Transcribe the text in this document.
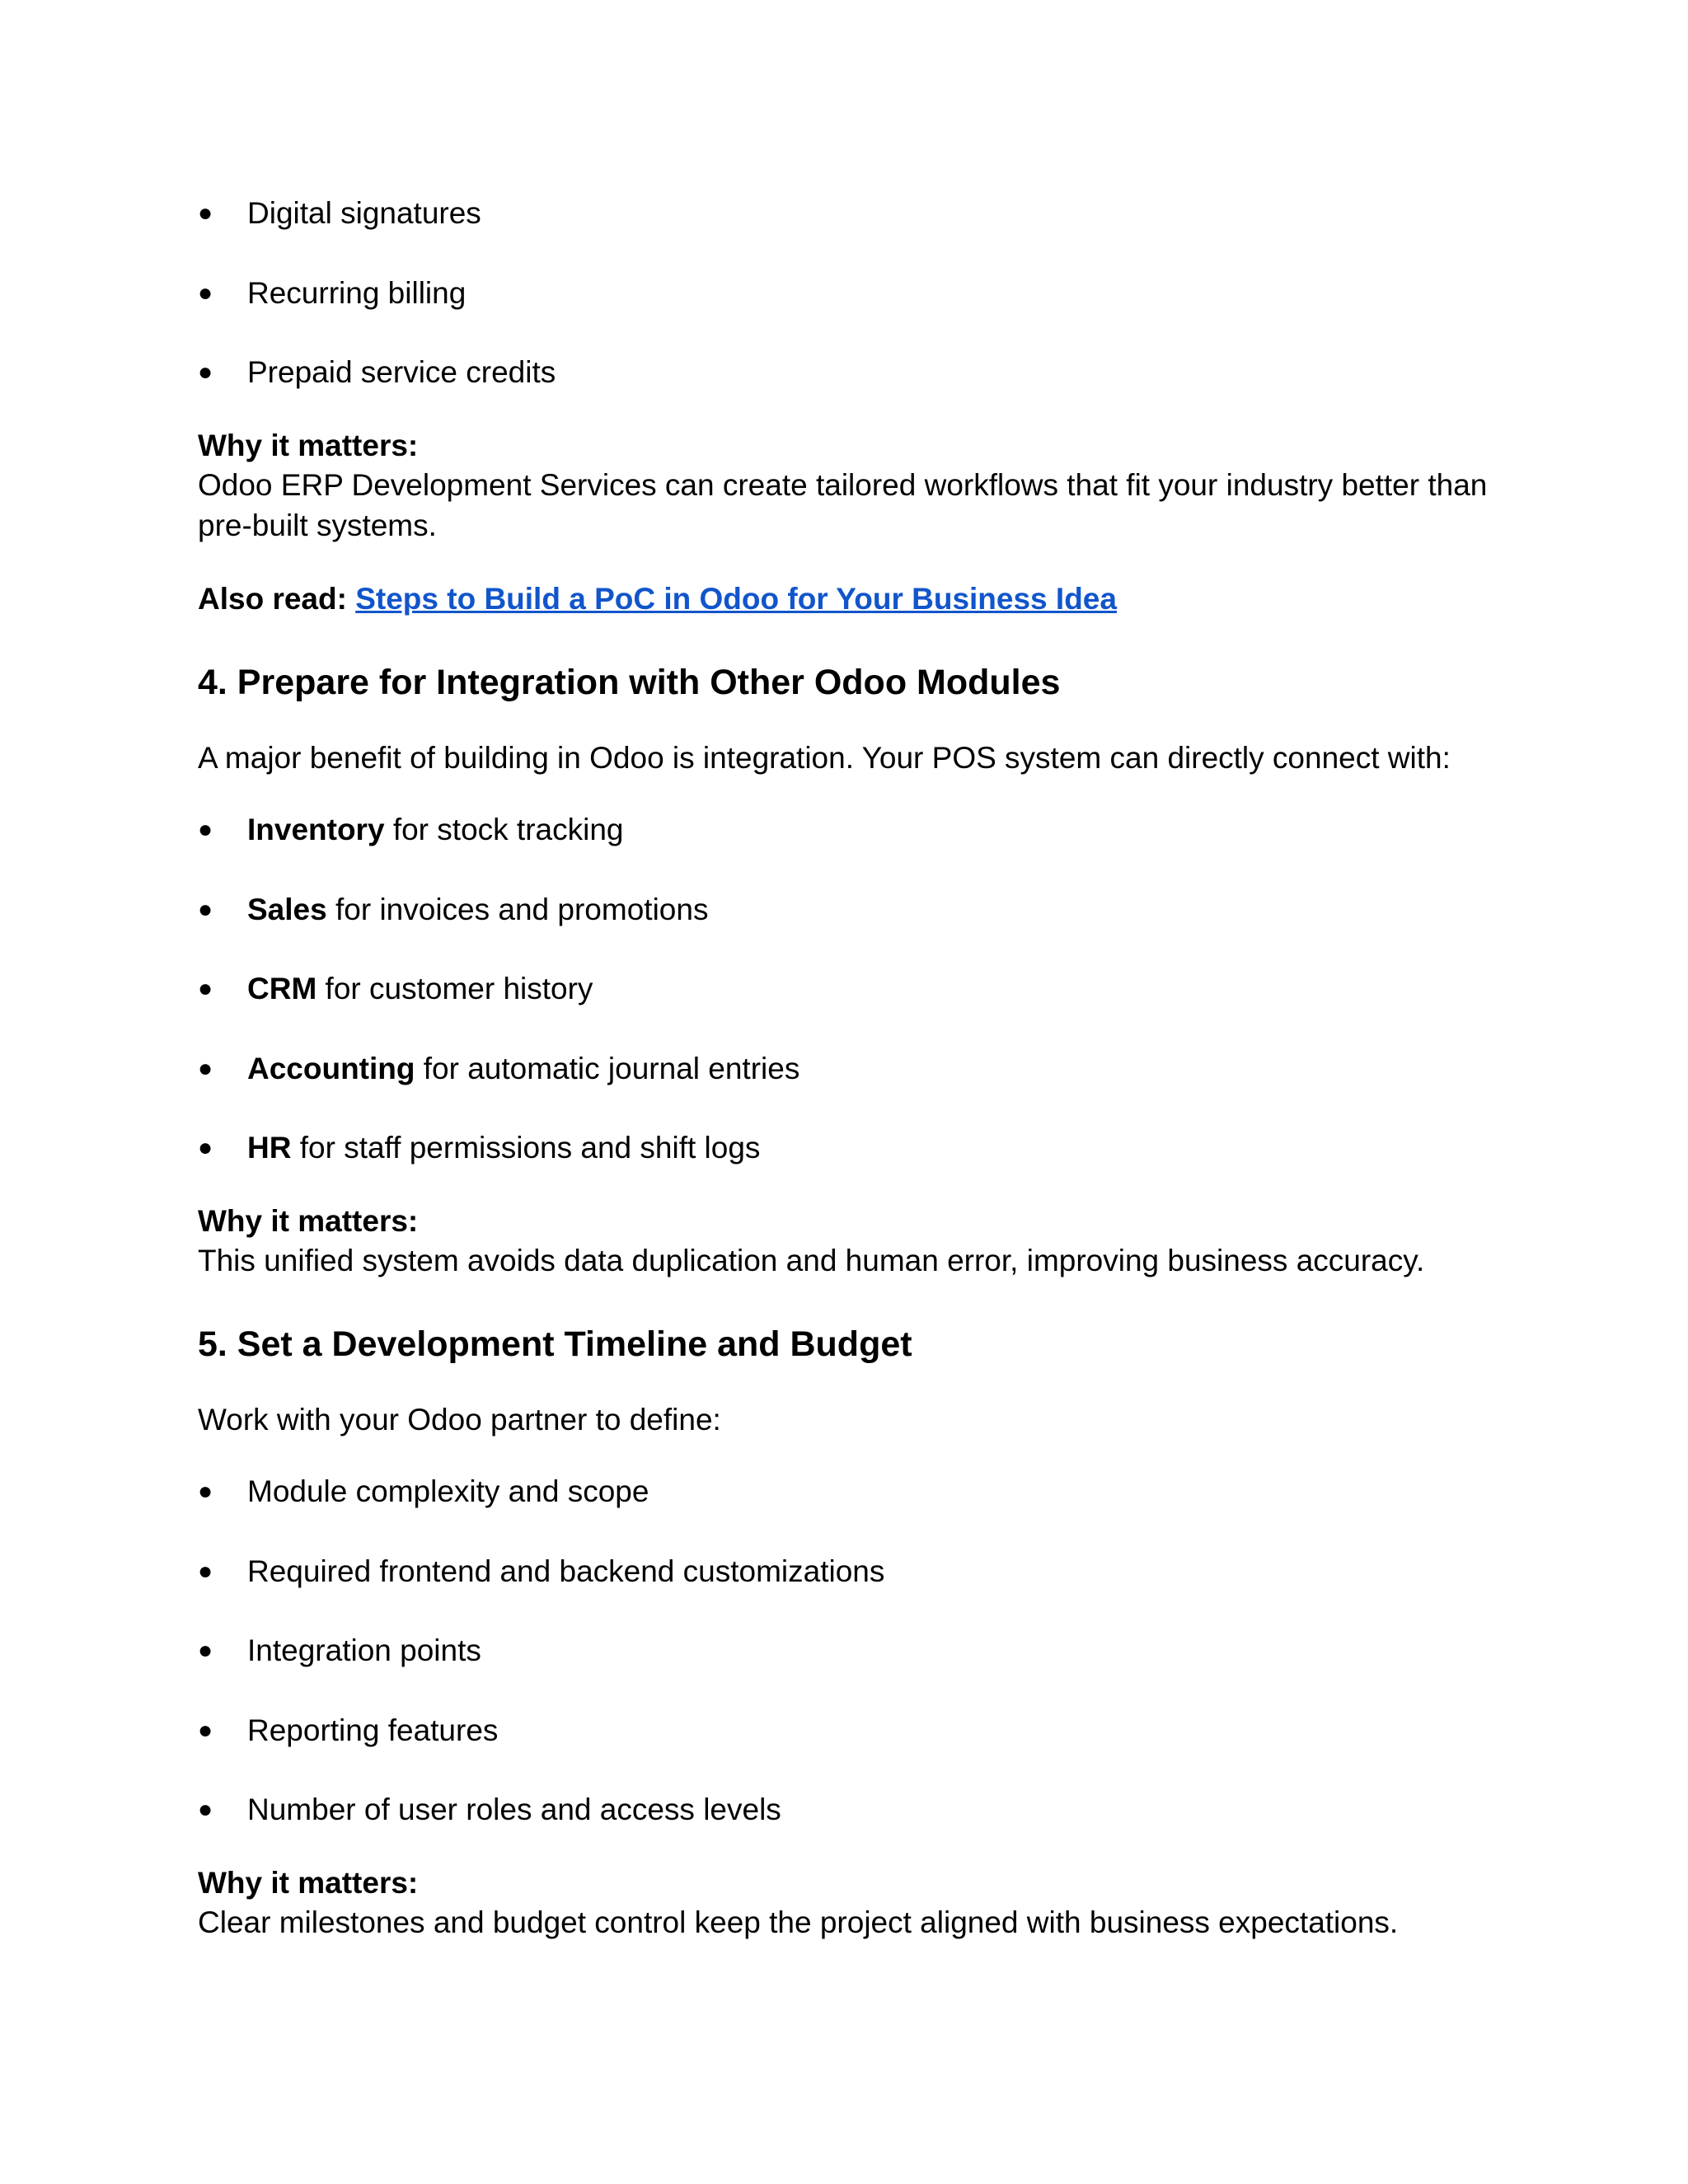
●	Digital signatures
●	Recurring billing
●	Prepaid service credits
Why it matters:
Odoo ERP Development Services can create tailored workflows that fit your industry better than pre-built systems.
Also read: Steps to Build a PoC in Odoo for Your Business Idea
4. Prepare for Integration with Other Odoo Modules
A major benefit of building in Odoo is integration. Your POS system can directly connect with:
●	Inventory for stock tracking
●	Sales for invoices and promotions
●	CRM for customer history
●	Accounting for automatic journal entries
●	HR for staff permissions and shift logs
Why it matters:
This unified system avoids data duplication and human error, improving business accuracy.
5. Set a Development Timeline and Budget
Work with your Odoo partner to define:
●	Module complexity and scope
●	Required frontend and backend customizations
●	Integration points
●	Reporting features
●	Number of user roles and access levels
Why it matters:
Clear milestones and budget control keep the project aligned with business expectations.
